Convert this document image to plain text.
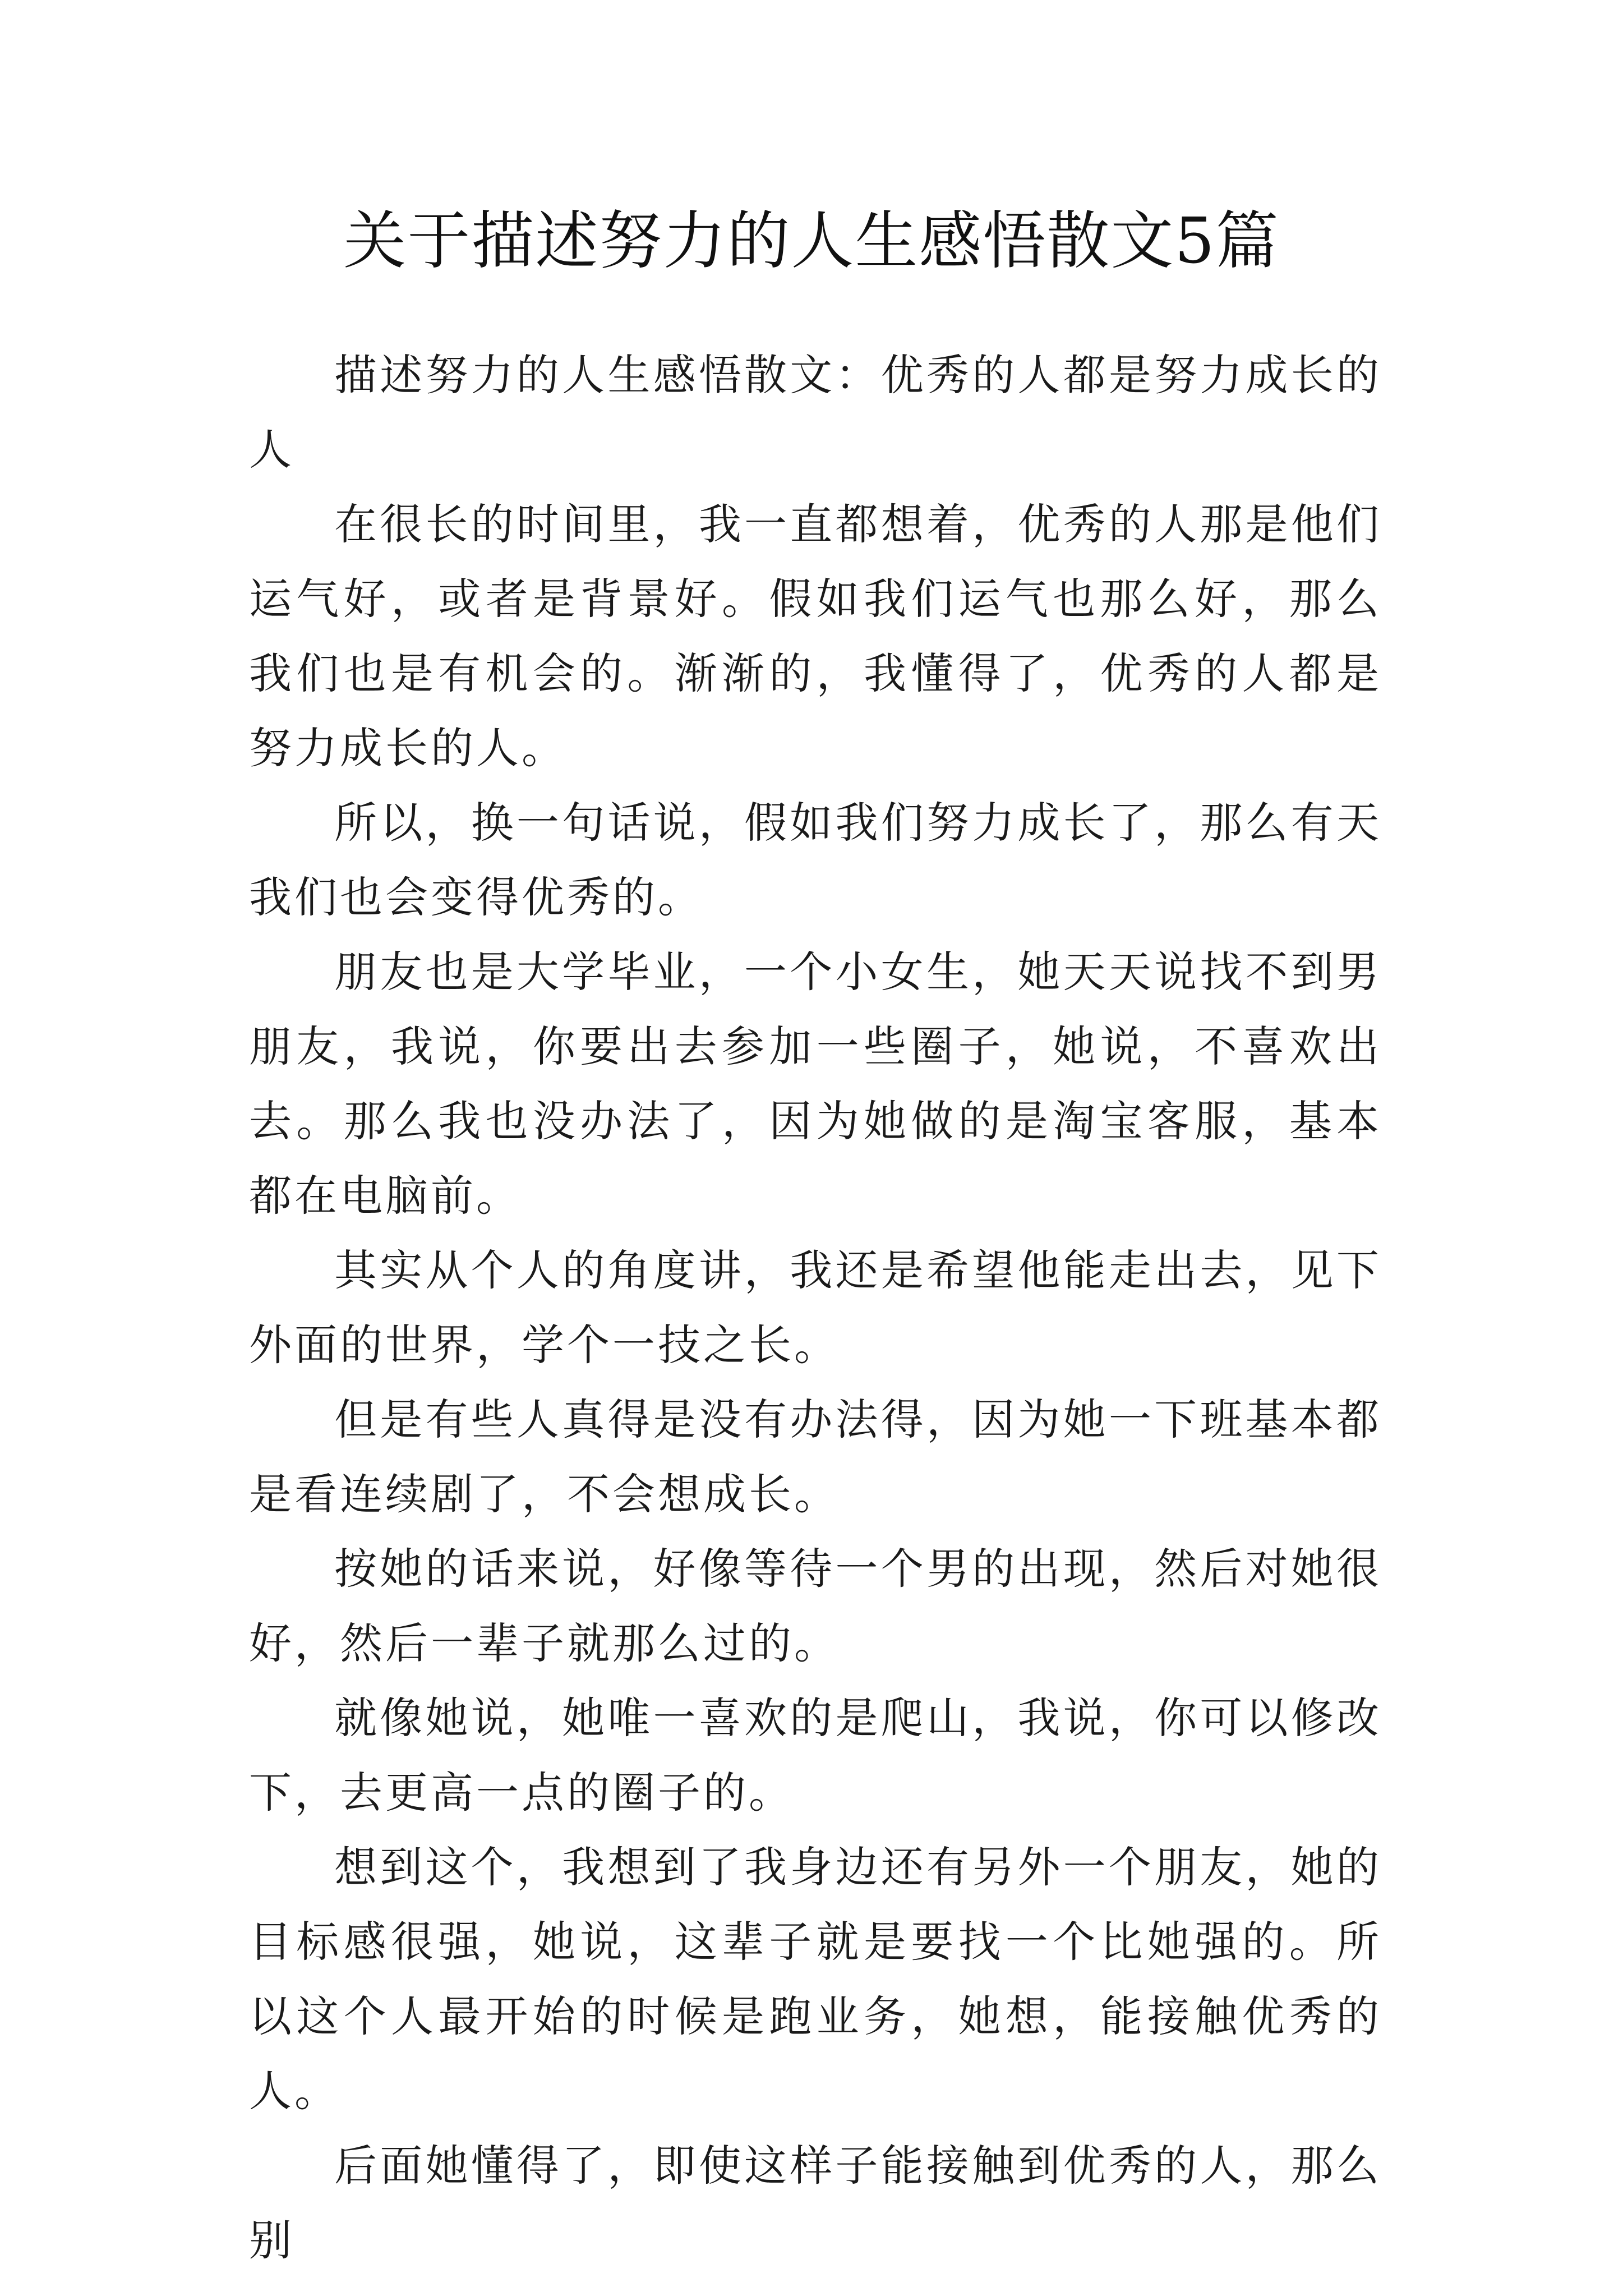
关于描述努力的人生感悟散文5篇

描述努力的人生感悟散文：优秀的人都是努力成长的人

在很长的时间里，我一直都想着，优秀的人那是他们运气好，或者是背景好。假如我们运气也那么好，那么我们也是有机会的。渐渐的，我懂得了，优秀的人都是努力成长的人。

所以，换一句话说，假如我们努力成长了，那么有天我们也会变得优秀的。

朋友也是大学毕业，一个小女生，她天天说找不到男朋友，我说，你要出去参加一些圈子，她说，不喜欢出去。那么我也没办法了，因为她做的是淘宝客服，基本都在电脑前。

其实从个人的角度讲，我还是希望他能走出去，见下外面的世界，学个一技之长。

但是有些人真得是没有办法得，因为她一下班基本都是看连续剧了，不会想成长。

按她的话来说，好像等待一个男的出现，然后对她很好，然后一辈子就那么过的。

就像她说，她唯一喜欢的是爬山，我说，你可以修改下，去更高一点的圈子的。

想到这个，我想到了我身边还有另外一个朋友，她的目标感很强，她说，这辈子就是要找一个比她强的。所以这个人最开始的时候是跑业务，她想，能接触优秀的人。

后面她懂得了，即使这样子能接触到优秀的人，那么别
